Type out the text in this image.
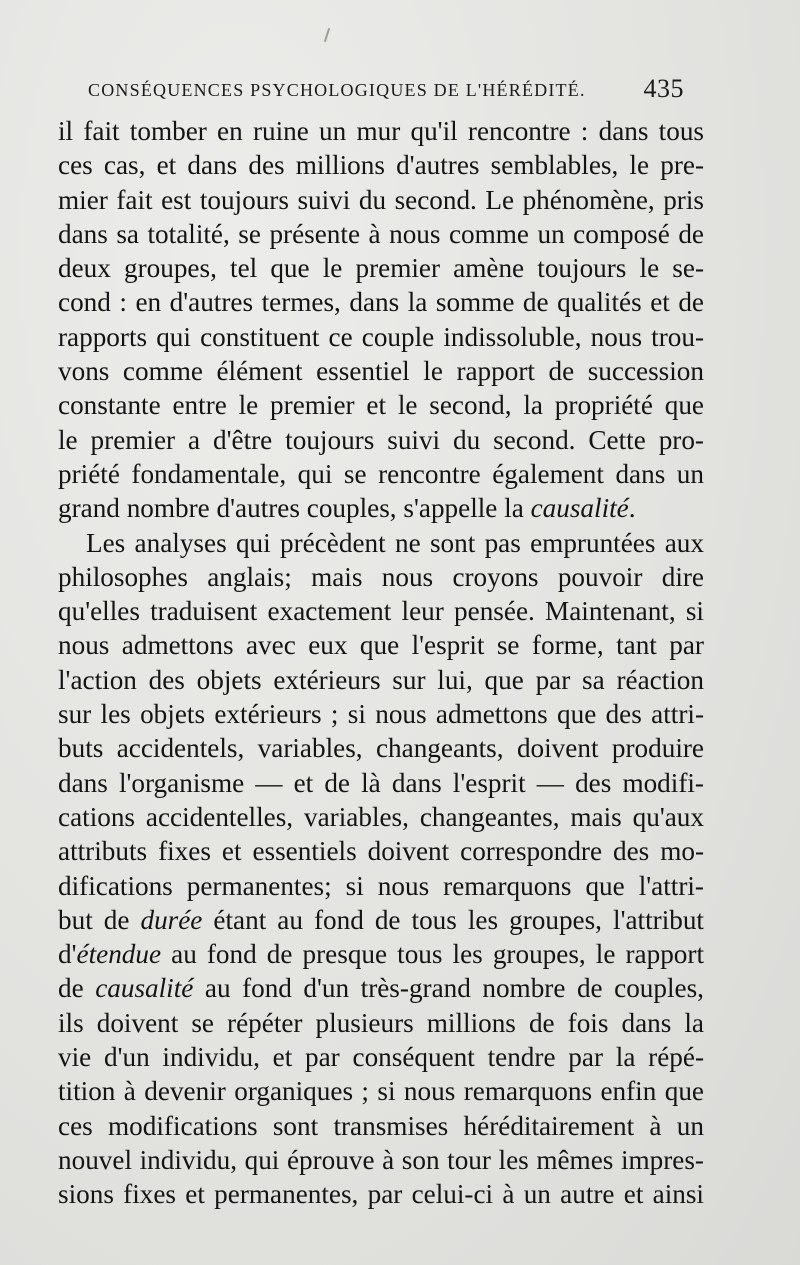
CONSÉQUENCES PSYCHOLOGIQUES DE L'HÉRÉDITÉ. 435
il fait tomber en ruine un mur qu'il rencontre : dans tous
ces cas, et dans des millions d'autres semblables, le pre-
mier fait est toujours suivi du second. Le phénomène, pris
dans sa totalité, se présente à nous comme un composé de
deux groupes, tel que le premier amène toujours le se-
cond : en d'autres termes, dans la somme de qualités et de
rapports qui constituent ce couple indissoluble, nous trou-
vons comme élément essentiel le rapport de succession
constante entre le premier et le second, la propriété que
le premier a d'être toujours suivi du second. Cette pro-
priété fondamentale, qui se rencontre également dans un
grand nombre d'autres couples, s'appelle la causalité.
Les analyses qui précèdent ne sont pas empruntées aux
philosophes anglais; mais nous croyons pouvoir dire
qu'elles traduisent exactement leur pensée. Maintenant, si
nous admettons avec eux que l'esprit se forme, tant par
l'action des objets extérieurs sur lui, que par sa réaction
sur les objets extérieurs ; si nous admettons que des attri-
buts accidentels, variables, changeants, doivent produire
dans l'organisme — et de là dans l'esprit — des modifi-
cations accidentelles, variables, changeantes, mais qu'aux
attributs fixes et essentiels doivent correspondre des mo-
difications permanentes; si nous remarquons que l'attri-
but de durée étant au fond de tous les groupes, l'attribut
d'étendue au fond de presque tous les groupes, le rapport
de causalité au fond d'un très-grand nombre de couples,
ils doivent se répéter plusieurs millions de fois dans la
vie d'un individu, et par conséquent tendre par la répé-
tition à devenir organiques ; si nous remarquons enfin que
ces modifications sont transmises héréditairement à un
nouvel individu, qui éprouve à son tour les mêmes impres-
sions fixes et permanentes, par celui-ci à un autre et ainsi
